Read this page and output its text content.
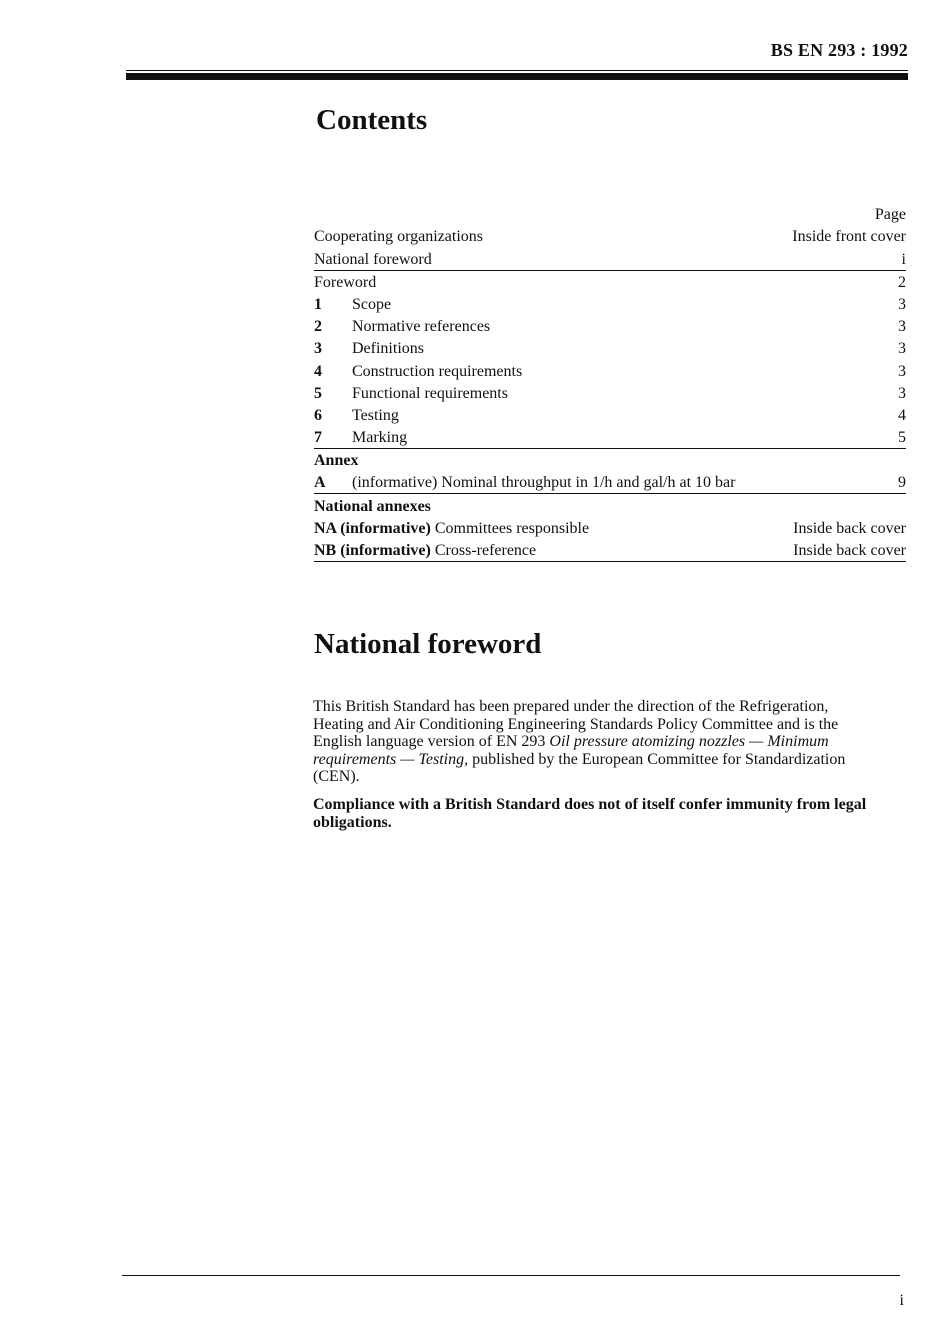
BS EN 293 : 1992
Contents
Page
Cooperating organizations	Inside front cover
National foreword	i
Foreword	2
1	Scope	3
2	Normative references	3
3	Definitions	3
4	Construction requirements	3
5	Functional requirements	3
6	Testing	4
7	Marking	5
Annex
A	(informative) Nominal throughput in 1/h and gal/h at 10 bar	9
National annexes
NA (informative) Committees responsible	Inside back cover
NB (informative) Cross-reference	Inside back cover
National foreword

This British Standard has been prepared under the direction of the Refrigeration, Heating and Air Conditioning Engineering Standards Policy Committee and is the English language version of EN 293 Oil pressure atomizing nozzles — Minimum requirements — Testing, published by the European Committee for Standardization (CEN).

Compliance with a British Standard does not of itself confer immunity from legal obligations.

i
